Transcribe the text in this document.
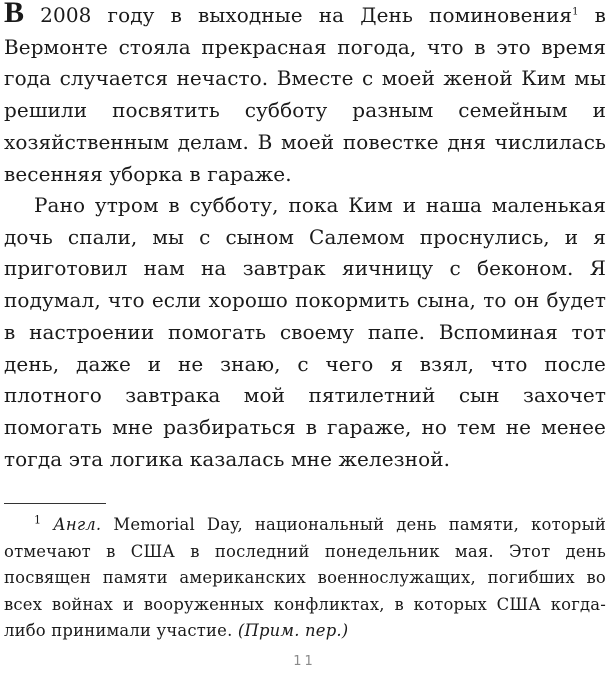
В 2008 году в выходные на День поминовения$^1$ в Вермонте стояла прекрасная погода, что в это время года случается нечасто. Вместе с моей женой Ким мы решили посвятить субботу разным семейным и хозяйственным делам. В моей повестке дня числилась весенняя уборка в гараже.

Рано утром в субботу, пока Ким и наша маленькая дочь спали, мы с сыном Салемом проснулись, и я приготовил нам на завтрак яичницу с беконом. Я подумал, что если хорошо покормить сына, то он будет в настроении помогать своему папе. Вспоминая тот день, даже и не знаю, с чего я взял, что после плотного завтрака мой пятилетний сын захочет помогать мне разбираться в гараже, но тем не менее тогда эта логика казалась мне железной.

$^1$ Англ. Memorial Day, национальный день памяти, который отмечают в США в последний понедельник мая. Этот день посвящен памяти американских военнослужащих, погибших во всех войнах и вооруженных конфликтах, в которых США когда-либо принимали участие. (Прим. пер.)

11
